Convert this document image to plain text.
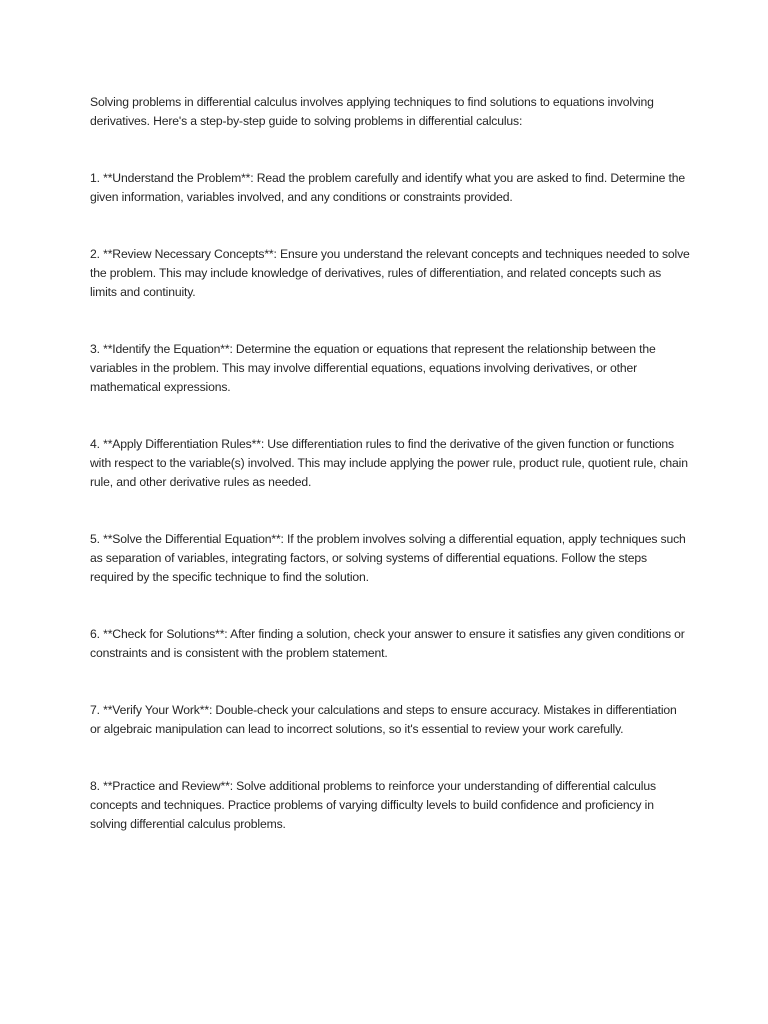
Solving problems in differential calculus involves applying techniques to find solutions to equations involving derivatives. Here's a step-by-step guide to solving problems in differential calculus:

1. **Understand the Problem**: Read the problem carefully and identify what you are asked to find. Determine the given information, variables involved, and any conditions or constraints provided.

2. **Review Necessary Concepts**: Ensure you understand the relevant concepts and techniques needed to solve the problem. This may include knowledge of derivatives, rules of differentiation, and related concepts such as limits and continuity.

3. **Identify the Equation**: Determine the equation or equations that represent the relationship between the variables in the problem. This may involve differential equations, equations involving derivatives, or other mathematical expressions.

4. **Apply Differentiation Rules**: Use differentiation rules to find the derivative of the given function or functions with respect to the variable(s) involved. This may include applying the power rule, product rule, quotient rule, chain rule, and other derivative rules as needed.

5. **Solve the Differential Equation**: If the problem involves solving a differential equation, apply techniques such as separation of variables, integrating factors, or solving systems of differential equations. Follow the steps required by the specific technique to find the solution.

6. **Check for Solutions**: After finding a solution, check your answer to ensure it satisfies any given conditions or constraints and is consistent with the problem statement.

7. **Verify Your Work**: Double-check your calculations and steps to ensure accuracy. Mistakes in differentiation or algebraic manipulation can lead to incorrect solutions, so it's essential to review your work carefully.

8. **Practice and Review**: Solve additional problems to reinforce your understanding of differential calculus concepts and techniques. Practice problems of varying difficulty levels to build confidence and proficiency in solving differential calculus problems.
